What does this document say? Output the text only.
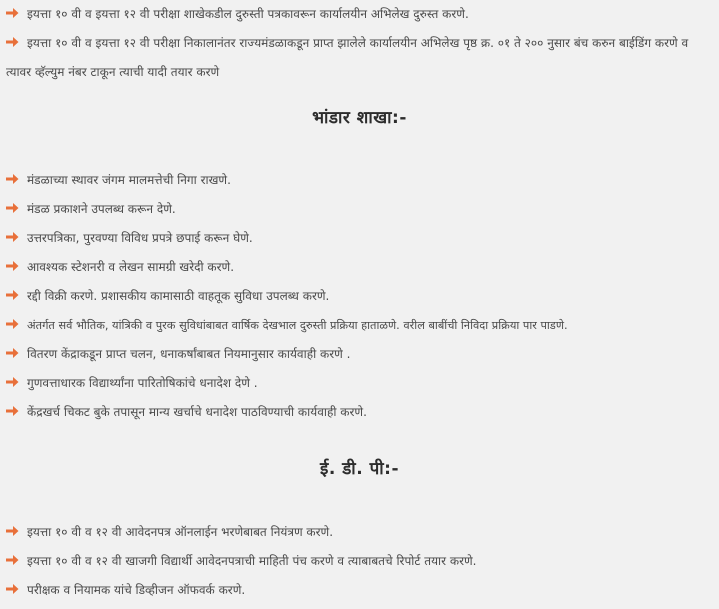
इयत्ता १० वी व इयत्ता १२ वी परीक्षा शाखेकडील दुरुस्ती पत्रकावरून कार्यालयीन अभिलेख दुरुस्त करणे.
इयत्ता १० वी व इयत्ता १२ वी परीक्षा निकालानंतर राज्यमंडळाकडून प्राप्त झालेले कार्यालयीन अभिलेख पृष्ठ क्र. ०१ ते २०० नुसार बंच करुन बाईडिंग करणे व त्यावर व्हॅल्युम नंबर टाकून त्याची यादी तयार करणे
भांडार शाखा:-
मंडळाच्या स्थावर जंगम मालमत्तेची निगा राखणे.
मंडळ प्रकाशने उपलब्ध करून देणे.
उत्तरपत्रिका, पुरवण्या विविध प्रपत्रे छपाई करून घेणे.
आवश्यक स्टेशनरी व लेखन सामग्री खरेदी करणे.
रद्दी विक्री करणे. प्रशासकीय कामासाठी वाहतूक सुविधा उपलब्ध करणे.
अंतर्गत सर्व भौतिक, यांत्रिकी व पुरक सुविधांबाबत वार्षिक देखभाल दुरुस्ती प्रक्रिया हाताळणे. वरील बाबींची निविदा प्रक्रिया पार पाडणे.
वितरण केंद्राकडून प्राप्त चलन, धनाकर्षांबाबत नियमानुसार कार्यवाही करणे .
गुणवत्ताधारक विद्यार्थ्यांना पारितोषिकांचे धनादेश देणे .
केंद्रखर्च चिकट बुके तपासून मान्य खर्चाचे धनादेश पाठविण्याची कार्यवाही करणे.
ई. डी. पी:-
इयत्ता १० वी व १२ वी आवेदनपत्र ऑनलाईन भरणेबाबत नियंत्रण करणे.
इयत्ता १० वी व १२ वी खाजगी विद्यार्थी आवेदनपत्राची माहिती पंच करणे व त्याबाबतचे रिपोर्ट तयार करणे.
परीक्षक व नियामक यांचे डिव्हीजन ऑफवर्क करणे.
